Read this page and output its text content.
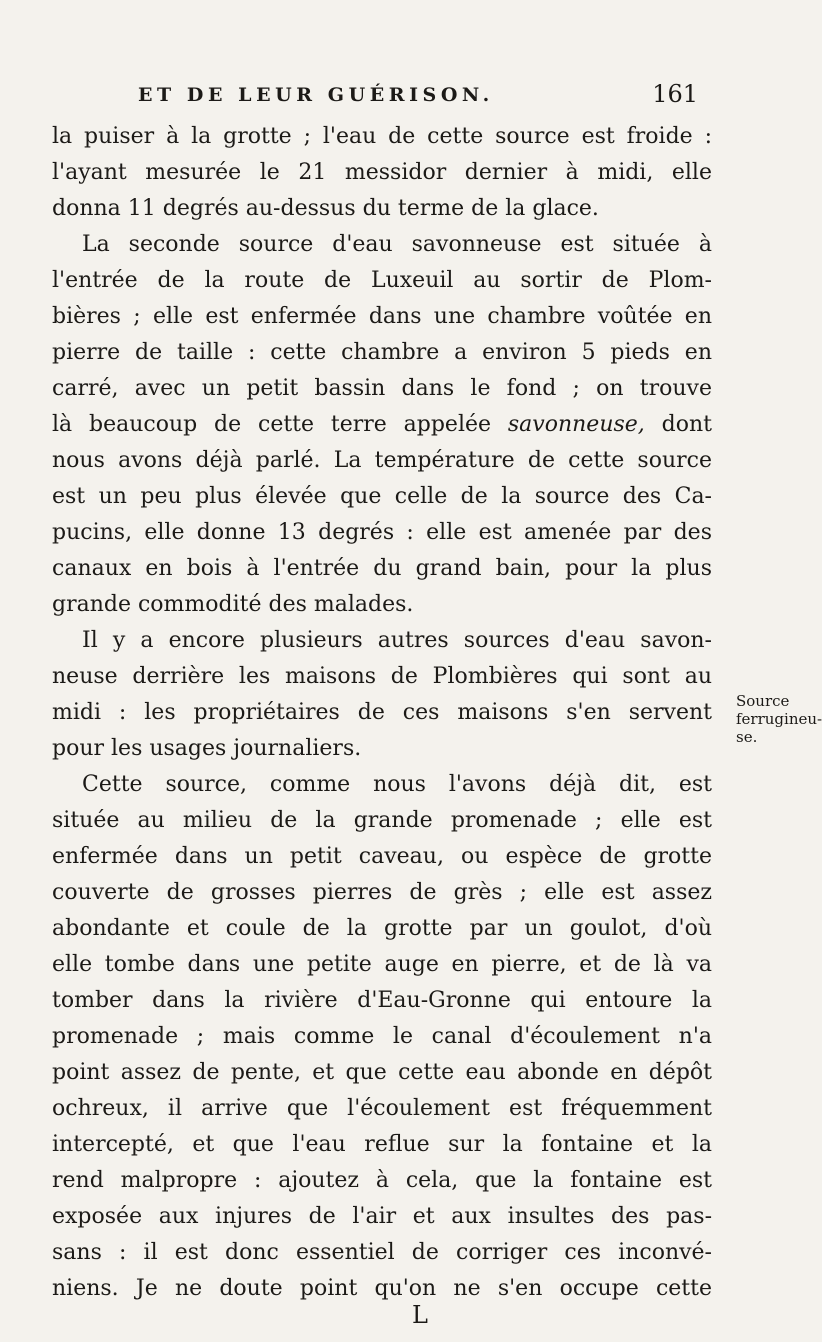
ET DE LEUR GUÉRISON.	161
la puiser à la grotte ; l'eau de cette source est froide :
l'ayant mesurée le 21 messidor dernier à midi, elle
donna 11 degrés au-dessus du terme de la glace.
La seconde source d'eau savonneuse est située à
l'entrée de la route de Luxeuil au sortir de Plom-
bières ; elle est enfermée dans une chambre voûtée en
pierre de taille : cette chambre a environ 5 pieds en
carré, avec un petit bassin dans le fond ; on trouve
là beaucoup de cette terre appelée savonneuse, dont
nous avons déjà parlé. La température de cette source
est un peu plus élevée que celle de la source des Ca-
pucins, elle donne 13 degrés : elle est amenée par des
canaux en bois à l'entrée du grand bain, pour la plus
grande commodité des malades.
Il y a encore plusieurs autres sources d'eau savon-
neuse derrière les maisons de Plombières qui sont au
midi : les propriétaires de ces maisons s'en servent
pour les usages journaliers.
Cette source, comme nous l'avons déjà dit, est
située au milieu de la grande promenade ; elle est
enfermée dans un petit caveau, ou espèce de grotte
couverte de grosses pierres de grès ; elle est assez
abondante et coule de la grotte par un goulot, d'où
elle tombe dans une petite auge en pierre, et de là va
tomber dans la rivière d'Eau-Gronne qui entoure la
promenade ; mais comme le canal d'écoulement n'a
point assez de pente, et que cette eau abonde en dépôt
ochreux, il arrive que l'écoulement est fréquemment
intercepté, et que l'eau reflue sur la fontaine et la
rend malpropre : ajoutez à cela, que la fontaine est
exposée aux injures de l'air et aux insultes des pas-
sans : il est donc essentiel de corriger ces inconvé-
Source
ferrugineu-
se.
niens. Je ne doute point qu'on ne s'en occupe cette
L
